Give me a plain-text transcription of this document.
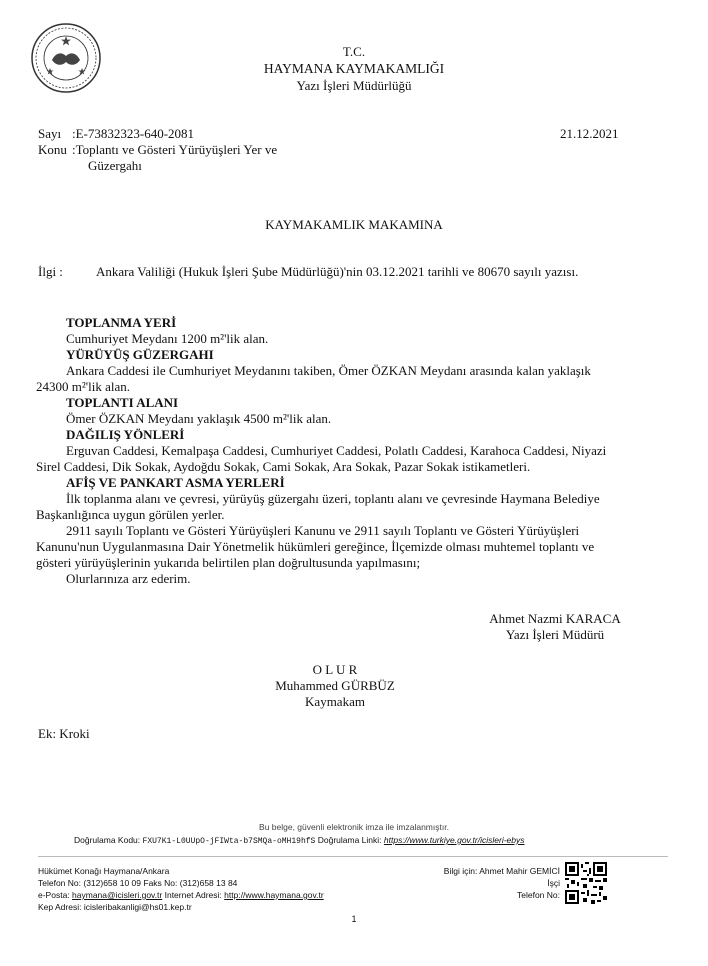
T.C.
HAYMANA KAYMAKAMLIĞI
Yazı İşleri Müdürlüğü
Sayı :E-73832323-640-2081	21.12.2021
Konu :Toplantı ve Gösteri Yürüyüşleri Yer ve
Güzergahı
KAYMAKAMLIK MAKAMINA
İlgi :	Ankara Valiliği (Hukuk İşleri Şube Müdürlüğü)'nin 03.12.2021 tarihli ve 80670 sayılı yazısı.
TOPLANMA YERİ
Cumhuriyet Meydanı 1200 m²'lik alan.
YÜRÜYÜŞ GÜZERGAHI
Ankara Caddesi ile Cumhuriyet Meydanını takiben, Ömer ÖZKAN Meydanı arasında kalan yaklaşık
24300 m²'lik alan.
TOPLANTI ALANI
Ömer ÖZKAN Meydanı yaklaşık 4500 m²'lik alan.
DAĞILIŞ YÖNLERİ
Erguvan Caddesi, Kemalpaşa Caddesi, Cumhuriyet Caddesi, Polatlı Caddesi, Karahoca Caddesi, Niyazi
Sirel Caddesi, Dik Sokak, Aydoğdu Sokak, Cami Sokak, Ara Sokak, Pazar Sokak istikametleri.
AFİŞ VE PANKART ASMA YERLERİ
İlk toplanma alanı ve çevresi, yürüyüş güzergahı üzeri, toplantı alanı ve çevresinde Haymana Belediye
Başkanlığınca uygun görülen yerler.
2911 sayılı Toplantı ve Gösteri Yürüyüşleri Kanunu ve 2911 sayılı Toplantı ve Gösteri Yürüyüşleri
Kanunu'nun Uygulanmasına Dair Yönetmelik hükümleri gereğince, İlçemizde olması muhtemel toplantı ve
gösteri yürüyüşlerinin yukarıda belirtilen plan doğrultusunda yapılmasını;
Olurlarınıza arz ederim.
Ahmet Nazmi KARACA
Yazı İşleri Müdürü
O L U R
Muhammed GÜRBÜZ
Kaymakam
Ek: Kroki
Bu belge, güvenli elektronik imza ile imzalanmıştır.
Doğrulama Kodu: FXU7K1-L0UUpO-jFIWta-b7SMQa-oMH19hfS Doğrulama Linki: https://www.turkiye.gov.tr/icisleri-ebys
Hükümet Konağı Haymana/Ankara
Telefon No: (312)658 10 09 Faks No: (312)658 13 84
e-Posta: haymana@icisleri.gov.tr Internet Adresi: http://www.haymana.gov.tr
Kep Adresi: icisleribakanligi@hs01.kep.tr
Bilgi için: Ahmet Mahir GEMİCİ
İşçi
Telefon No:
1
